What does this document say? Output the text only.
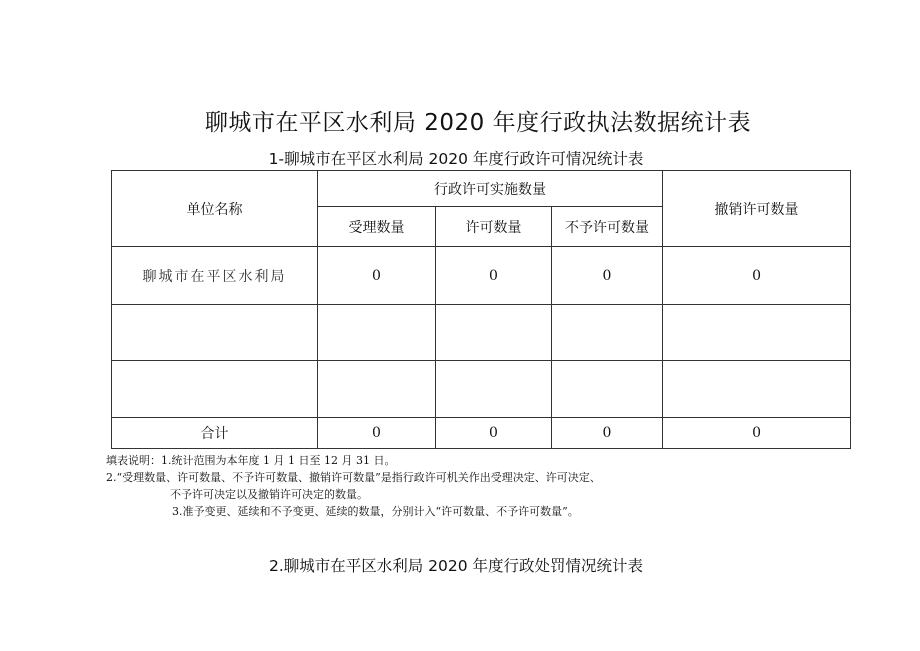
聊城市在平区水利局 2020 年度行政执法数据统计表
1-聊城市在平区水利局 2020 年度行政许可情况统计表
单位名称	行政许可实施数量			撤销许可数量
	受理数量	许可数量	不予许可数量	
聊城市在平区水利局	0	0	0	0

合计	0	0	0	0
填表说明：1.统计范围为本年度 1 月 1 日至 12 月 31 日。
2.“受理数量、许可数量、不予许可数量、撤销许可数量”是指行政许可机关作出受理决定、许可决定、
不予许可决定以及撤销许可决定的数量。
3.准予变更、延续和不予变更、延续的数量，分别计入“许可数量、不予许可数量”。
2.聊城市在平区水利局 2020 年度行政处罚情况统计表
